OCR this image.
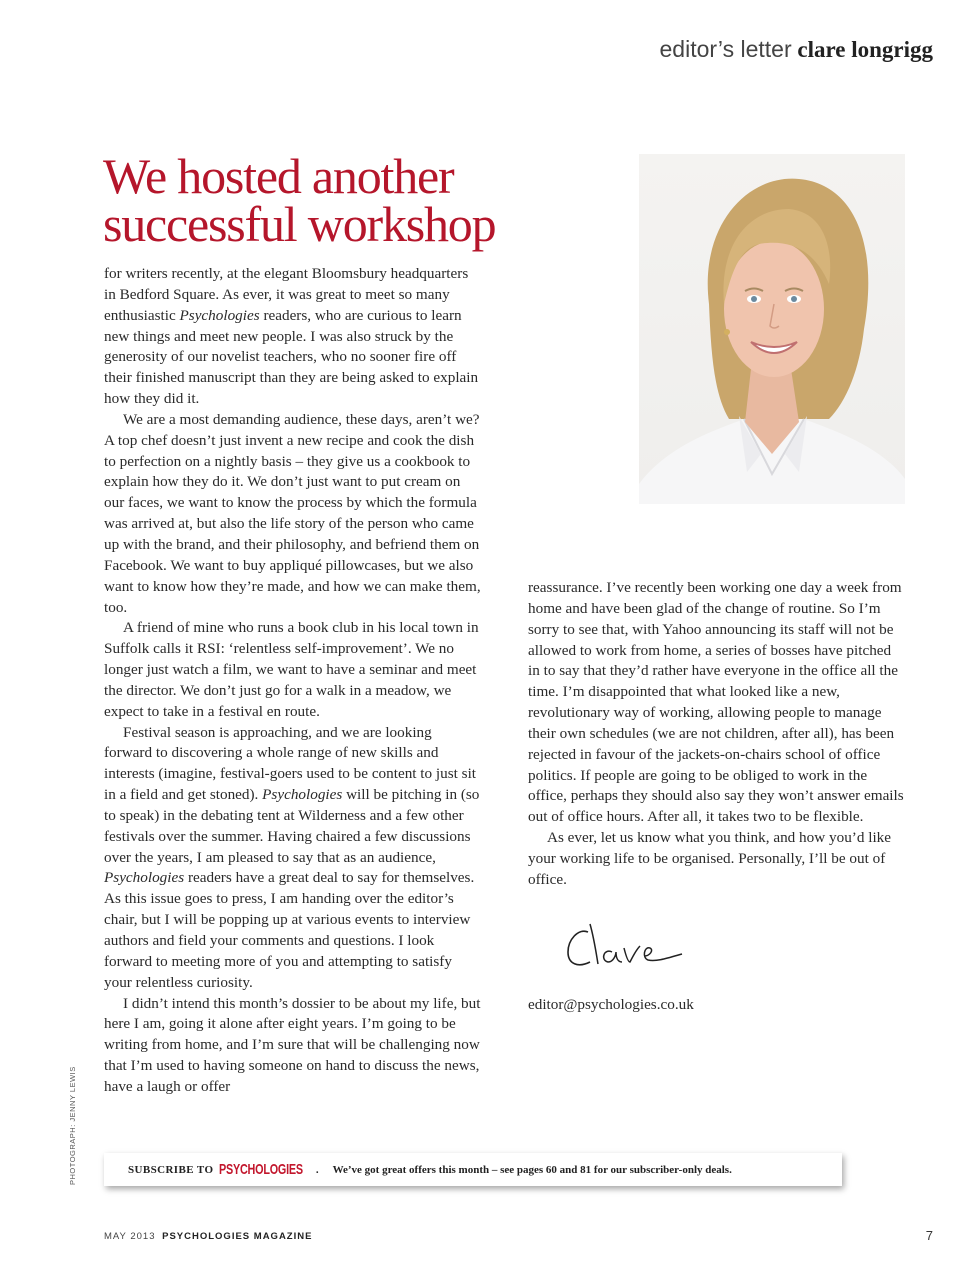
editor’s letter clare longrigg
We hosted another
successful workshop

for writers recently, at the elegant Bloomsbury headquarters in Bedford Square. As ever, it was great to meet so many enthusiastic Psychologies readers, who are curious to learn new things and meet new people. I was also struck by the generosity of our novelist teachers, who no sooner fire off their finished manuscript than they are being asked to explain how they did it.

We are a most demanding audience, these days, aren’t we? A top chef doesn’t just invent a new recipe and cook the dish to perfection on a nightly basis – they give us a cookbook to explain how they do it. We don’t just want to put cream on our faces, we want to know the process by which the formula was arrived at, but also the life story of the person who came up with the brand, and their philosophy, and befriend them on Facebook. We want to buy appliqué pillowcases, but we also want to know how they’re made, and how we can make them, too.

A friend of mine who runs a book club in his local town in Suffolk calls it RSI: ‘relentless self-improvement’. We no longer just watch a film, we want to have a seminar and meet the director. We don’t just go for a walk in a meadow, we expect to take in a festival en route.

Festival season is approaching, and we are looking forward to discovering a whole range of new skills and interests (imagine, festival-goers used to be content to just sit in a field and get stoned). Psychologies will be pitching in (so to speak) in the debating tent at Wilderness and a few other festivals over the summer. Having chaired a few discussions over the years, I am pleased to say that as an audience, Psychologies readers have a great deal to say for themselves. As this issue goes to press, I am handing over the editor’s chair, but I will be popping up at various events to interview authors and field your comments and questions. I look forward to meeting more of you and attempting to satisfy your relentless curiosity.

I didn’t intend this month’s dossier to be about my life, but here I am, going it alone after eight years. I’m going to be writing from home, and I’m sure that will be challenging now that I’m used to having someone on hand to discuss the news, have a laugh or offer

reassurance. I’ve recently been working one day a week from home and have been glad of the change of routine. So I’m sorry to see that, with Yahoo announcing its staff will not be allowed to work from home, a series of bosses have pitched in to say that they’d rather have everyone in the office all the time. I’m disappointed that what looked like a new, revolutionary way of working, allowing people to manage their own schedules (we are not children, after all), has been rejected in favour of the jackets-on-chairs school of office politics. If people are going to be obliged to work in the office, perhaps they should also say they won’t answer emails out of office hours. After all, it takes two to be flexible.

As ever, let us know what you think, and how you’d like your working life to be organised. Personally, I’ll be out of office.

editor@psychologies.co.uk
PHOTOGRAPH: JENNY LEWIS	SUBSCRIBE TO PSYCHOLOGIES . We’ve got great offers this month – see pages 60 and 81 for our subscriber-only deals.
MAY 2013 PSYCHOLOGIES MAGAZINE	7
